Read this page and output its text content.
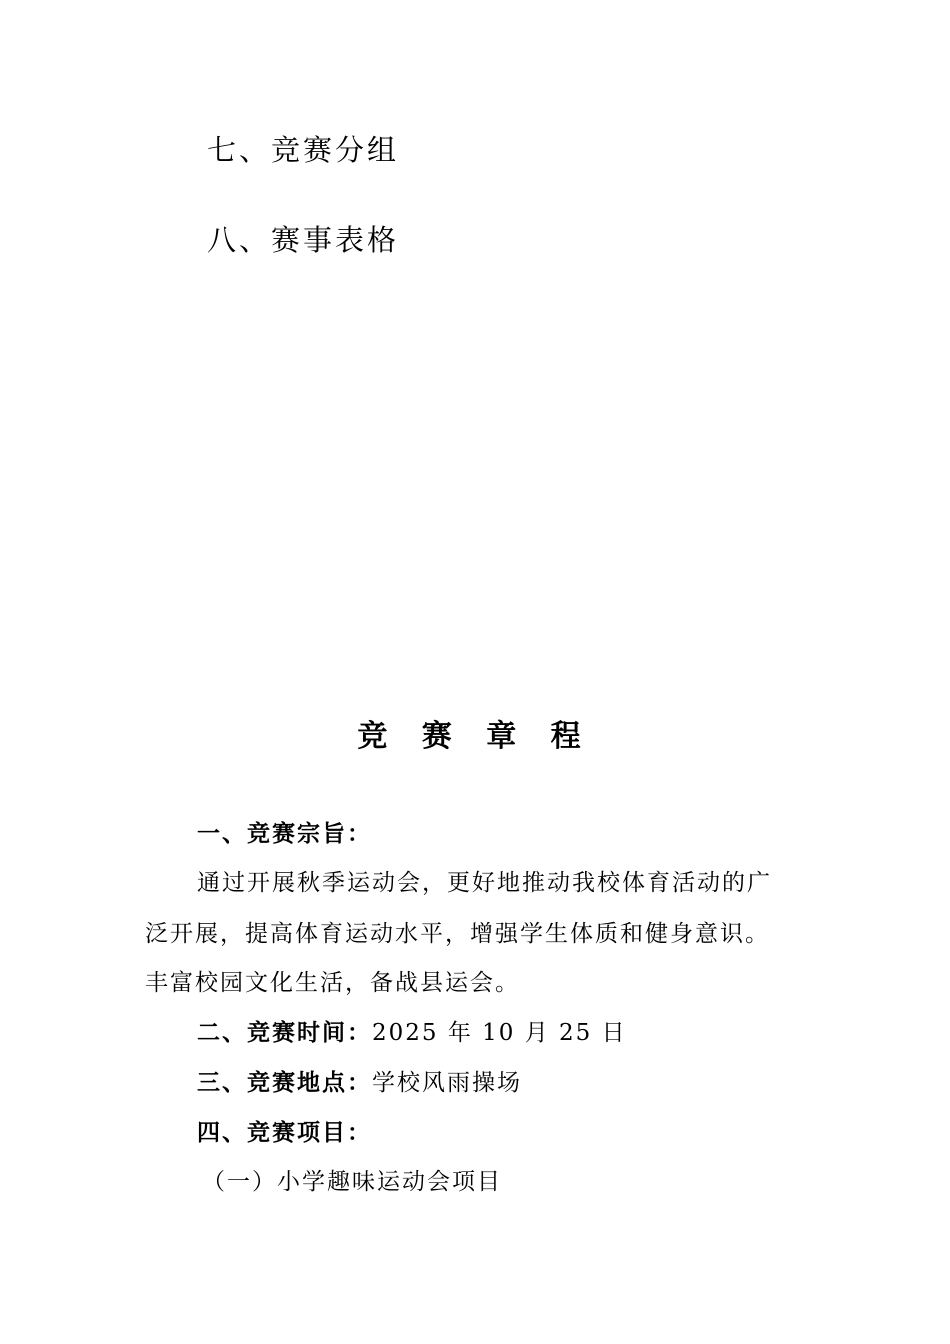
七、竞赛分组
八、赛事表格
竞 赛 章 程
一、竞赛宗旨：
通过开展秋季运动会，更好地推动我校体育活动的广
泛开展，提高体育运动水平，增强学生体质和健身意识。
丰富校园文化生活，备战县运会。
二、竞赛时间：2025 年 10 月 25 日
三、竞赛地点：学校风雨操场
四、竞赛项目：
（一）小学趣味运动会项目
